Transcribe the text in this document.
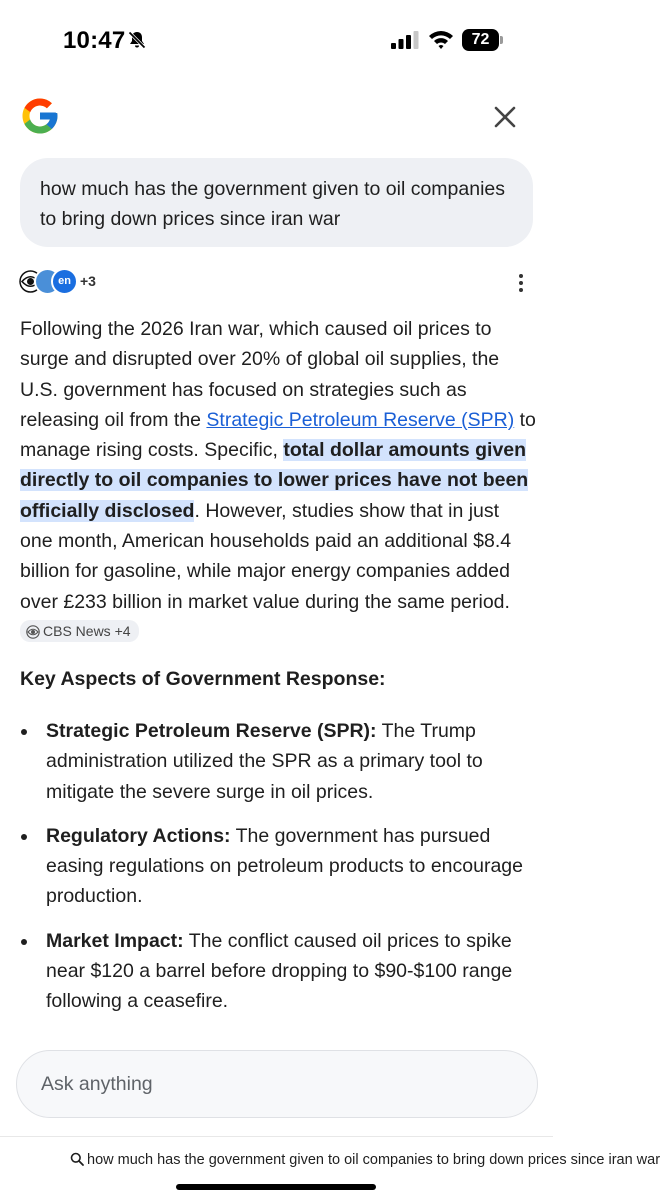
10:47	72
how much has the government given to oil companies to bring down prices since iran war
en +3
Following the 2026 Iran war, which caused oil prices to surge and disrupted over 20% of global oil supplies, the U.S. government has focused on strategies such as releasing oil from the Strategic Petroleum Reserve (SPR) to manage rising costs. Specific, total dollar amounts given directly to oil companies to lower prices have not been officially disclosed. However, studies show that in just one month, American households paid an additional $8.4 billion for gasoline, while major energy companies added over £233 billion in market value during the same period. CBS News +4
Key Aspects of Government Response:
Strategic Petroleum Reserve (SPR): The Trump administration utilized the SPR as a primary tool to mitigate the severe surge in oil prices.
Regulatory Actions: The government has pursued easing regulations on petroleum products to encourage production.
Market Impact: The conflict caused oil prices to spike near $120 a barrel before dropping to $90-$100 range following a ceasefire.
Ask anything
how much has the government given to oil companies to bring down prices since iran war
